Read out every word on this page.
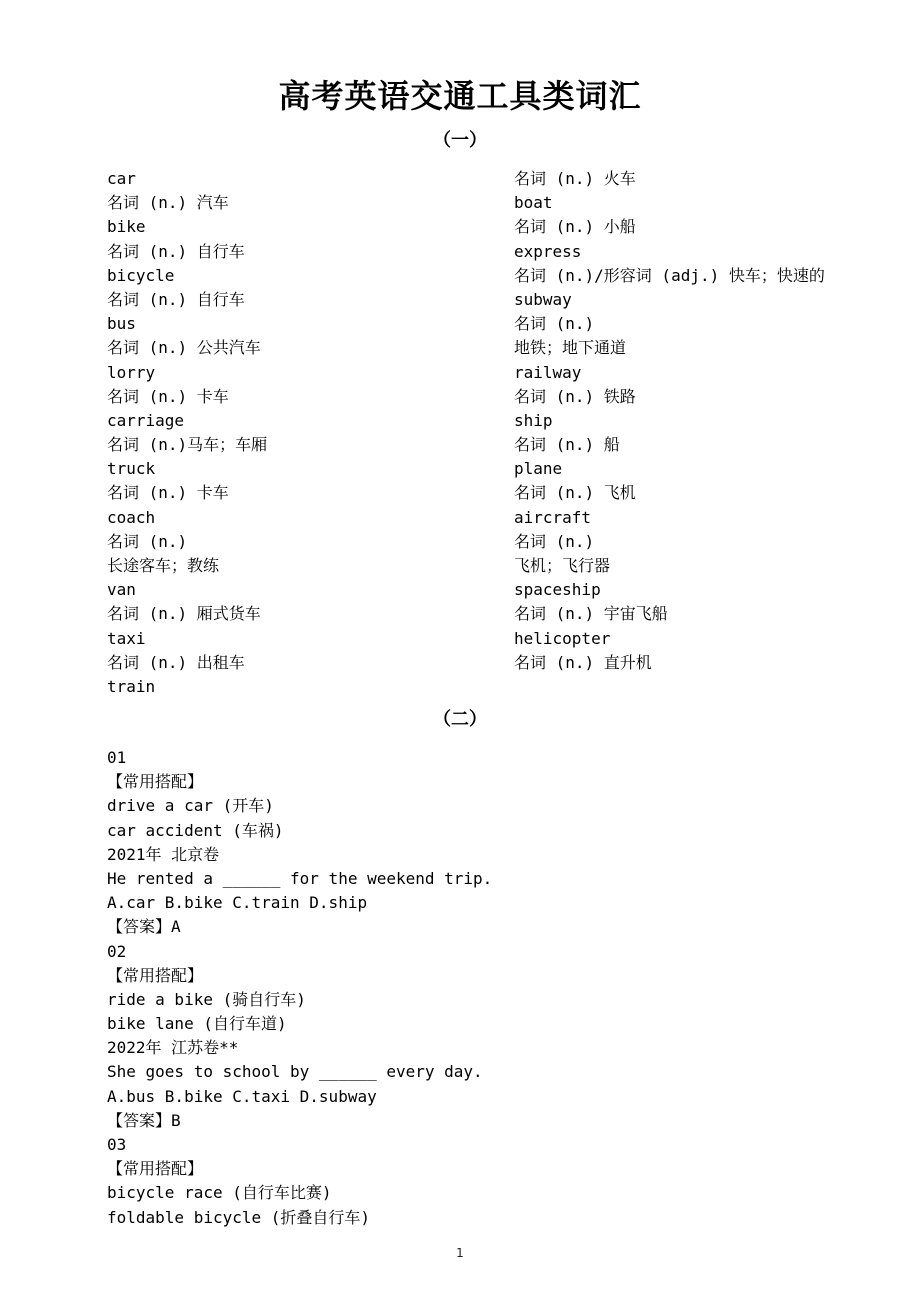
高考英语交通工具类词汇
（一）
car
名词 (n.) 汽车
bike
名词 (n.) 自行车
bicycle
名词 (n.) 自行车
bus
名词 (n.) 公共汽车
lorry
名词 (n.) 卡车
carriage
名词 (n.)马车；车厢
truck
名词 (n.) 卡车
coach
名词 (n.)
长途客车；教练
van
名词 (n.) 厢式货车
taxi
名词 (n.) 出租车
train
名词 (n.) 火车
boat
名词 (n.) 小船
express
名词 (n.)/形容词 (adj.) 快车；快速的
subway
名词 (n.)
地铁；地下通道
railway
名词 (n.) 铁路
ship
名词 (n.) 船
plane
名词 (n.) 飞机
aircraft
名词 (n.)
飞机；飞行器
spaceship
名词 (n.) 宇宙飞船
helicopter
名词 (n.) 直升机
（二）
01
【常用搭配】
drive a car (开车)
car accident (车祸)
2021年 北京卷
He rented a ______ for the weekend trip.
A.car B.bike C.train D.ship
【答案】A
02
【常用搭配】
ride a bike (骑自行车)
bike lane (自行车道)
2022年 江苏卷**
She goes to school by ______ every day.
A.bus B.bike C.taxi D.subway
【答案】B
03
【常用搭配】
bicycle race (自行车比赛)
foldable bicycle (折叠自行车)
1
